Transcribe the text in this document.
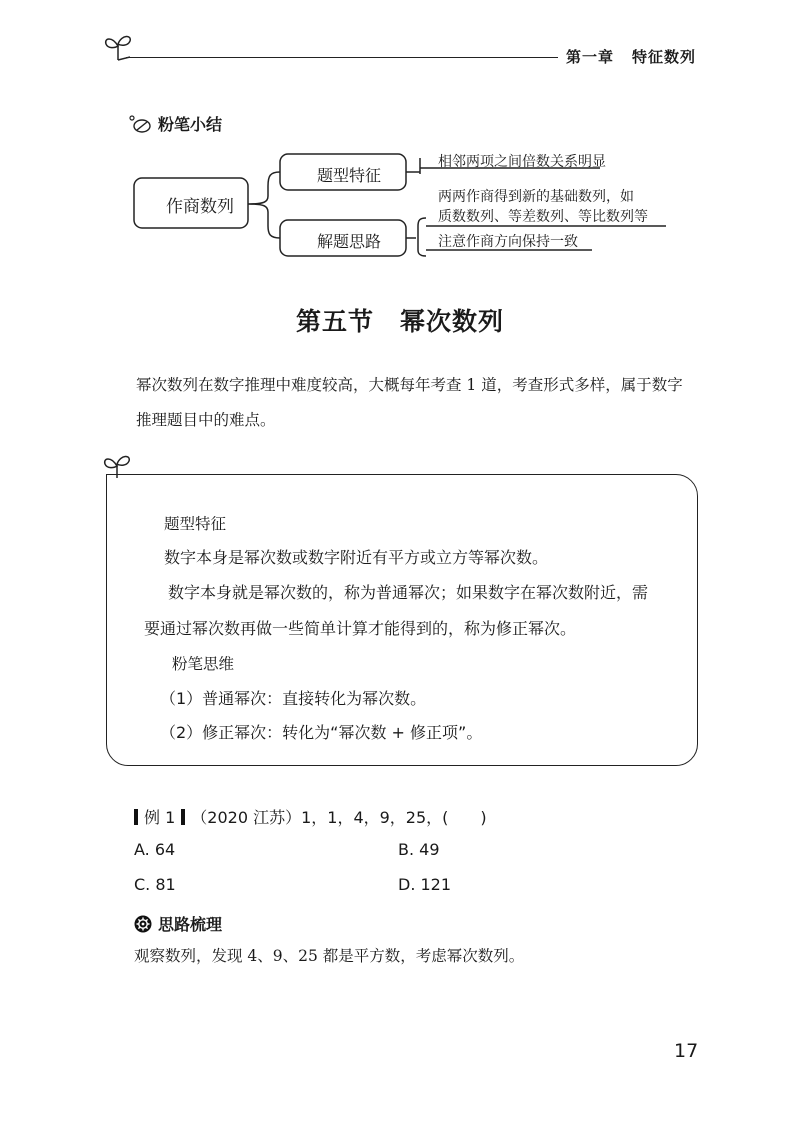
第一章 特征数列
粉笔小结
作商数列
题型特征
解题思路
相邻两项之间倍数关系明显
两两作商得到新的基础数列，如
质数数列、等差数列、等比数列等
注意作商方向保持一致
第五节 幂次数列
幂次数列在数字推理中难度较高，大概每年考查 1 道，考查形式多样，属于数字
推理题目中的难点。
题型特征
数字本身是幂次数或数字附近有平方或立方等幂次数。
数字本身就是幂次数的，称为普通幂次；如果数字在幂次数附近，需
要通过幂次数再做一些简单计算才能得到的，称为修正幂次。
粉笔思维
（1）普通幂次：直接转化为幂次数。
（2）修正幂次：转化为“幂次数 + 修正项”。
例 1 （2020 江苏）1，1，4，9，25，(　　)
A. 64	B. 49
C. 81	D. 121
思路梳理
观察数列，发现 4、9、25 都是平方数，考虑幂次数列。
17
